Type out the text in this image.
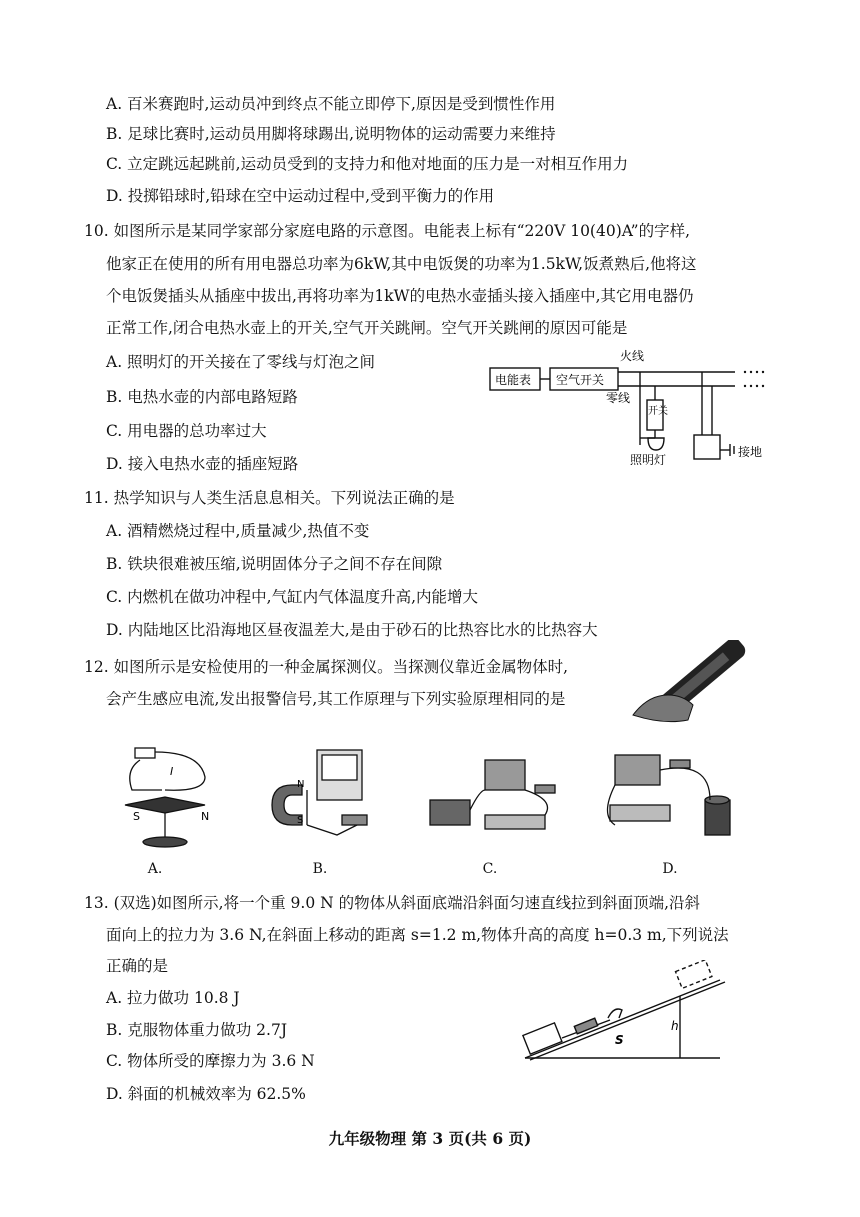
A. 百米赛跑时,运动员冲到终点不能立即停下,原因是受到惯性作用
B. 足球比赛时,运动员用脚将球踢出,说明物体的运动需要力来维持
C. 立定跳远起跳前,运动员受到的支持力和他对地面的压力是一对相互作用力
D. 投掷铅球时,铅球在空中运动过程中,受到平衡力的作用
10. 如图所示是某同学家部分家庭电路的示意图。电能表上标有“220V 10(40)A”的字样,
他家正在使用的所有用电器总功率为6kW,其中电饭煲的功率为1.5kW,饭煮熟后,他将这
个电饭煲插头从插座中拔出,再将功率为1kW的电热水壶插头接入插座中,其它用电器仍
正常工作,闭合电热水壶上的开关,空气开关跳闸。空气开关跳闸的原因可能是
A. 照明灯的开关接在了零线与灯泡之间
B. 电热水壶的内部电路短路
C. 用电器的总功率过大
D. 接入电热水壶的插座短路
电能表 空气开关
火线
零线
开关
照明灯
接地
11. 热学知识与人类生活息息相关。下列说法正确的是
A. 酒精燃烧过程中,质量减少,热值不变
B. 铁块很难被压缩,说明固体分子之间不存在间隙
C. 内燃机在做功冲程中,气缸内气体温度升高,内能增大
D. 内陆地区比沿海地区昼夜温差大,是由于砂石的比热容比水的比热容大
12. 如图所示是安检使用的一种金属探测仪。当探测仪靠近金属物体时,
会产生感应电流,发出报警信号,其工作原理与下列实验原理相同的是
I
S	N
N
S
A.	B.	C.	D.
13. (双选)如图所示,将一个重 9.0 N 的物体从斜面底端沿斜面匀速直线拉到斜面顶端,沿斜
面向上的拉力为 3.6 N,在斜面上移动的距离 s=1.2 m,物体升高的高度 h=0.3 m,下列说法
正确的是
A. 拉力做功 10.8 J
B. 克服物体重力做功 2.7J
C. 物体所受的摩擦力为 3.6 N
D. 斜面的机械效率为 62.5%
S
h
九年级物理 第 3 页(共 6 页)
